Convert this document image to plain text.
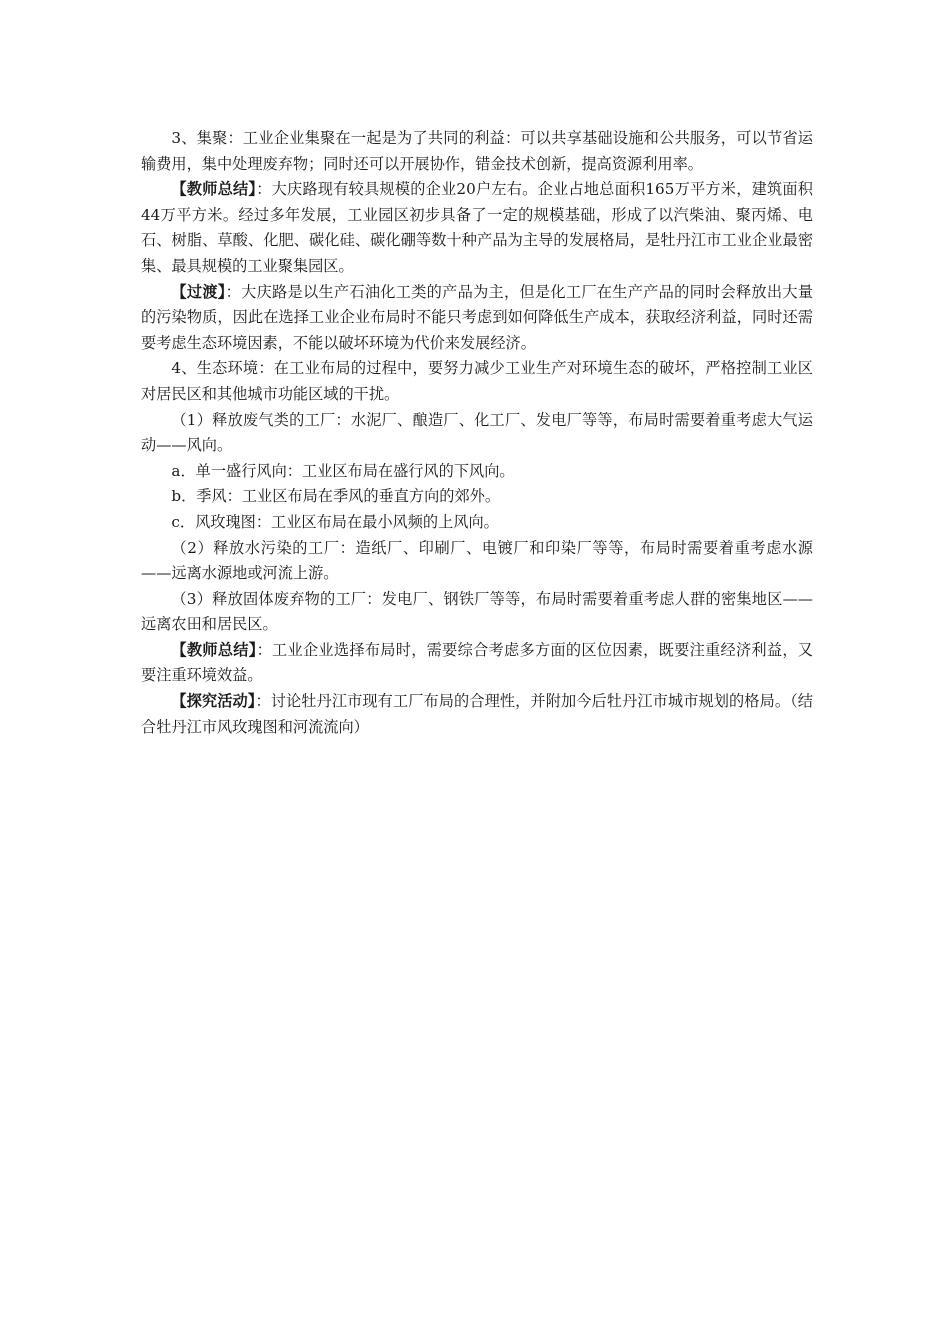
3、集聚：工业企业集聚在一起是为了共同的利益：可以共享基础设施和公共服务，可以节省运输费用，集中处理废弃物；同时还可以开展协作，错金技术创新，提高资源利用率。

【教师总结】：大庆路现有较具规模的企业20户左右。企业占地总面积165万平方米，建筑面积44万平方米。经过多年发展，工业园区初步具备了一定的规模基础，形成了以汽柴油、聚丙烯、电石、树脂、草酸、化肥、碳化硅、碳化硼等数十种产品为主导的发展格局，是牡丹江市工业企业最密集、最具规模的工业聚集园区。

【过渡】：大庆路是以生产石油化工类的产品为主，但是化工厂在生产产品的同时会释放出大量的污染物质，因此在选择工业企业布局时不能只考虑到如何降低生产成本，获取经济利益，同时还需要考虑生态环境因素，不能以破坏环境为代价来发展经济。

4、生态环境：在工业布局的过程中，要努力减少工业生产对环境生态的破坏，严格控制工业区对居民区和其他城市功能区域的干扰。

（1）释放废气类的工厂：水泥厂、酿造厂、化工厂、发电厂等等，布局时需要着重考虑大气运动——风向。

a．单一盛行风向：工业区布局在盛行风的下风向。

b．季风：工业区布局在季风的垂直方向的郊外。

c．风玫瑰图：工业区布局在最小风频的上风向。

（2）释放水污染的工厂：造纸厂、印刷厂、电镀厂和印染厂等等，布局时需要着重考虑水源——远离水源地或河流上游。

（3）释放固体废弃物的工厂：发电厂、钢铁厂等等，布局时需要着重考虑人群的密集地区——远离农田和居民区。

【教师总结】：工业企业选择布局时，需要综合考虑多方面的区位因素，既要注重经济利益，又要注重环境效益。

【探究活动】：讨论牡丹江市现有工厂布局的合理性，并附加今后牡丹江市城市规划的格局。（结合牡丹江市风玫瑰图和河流流向）
